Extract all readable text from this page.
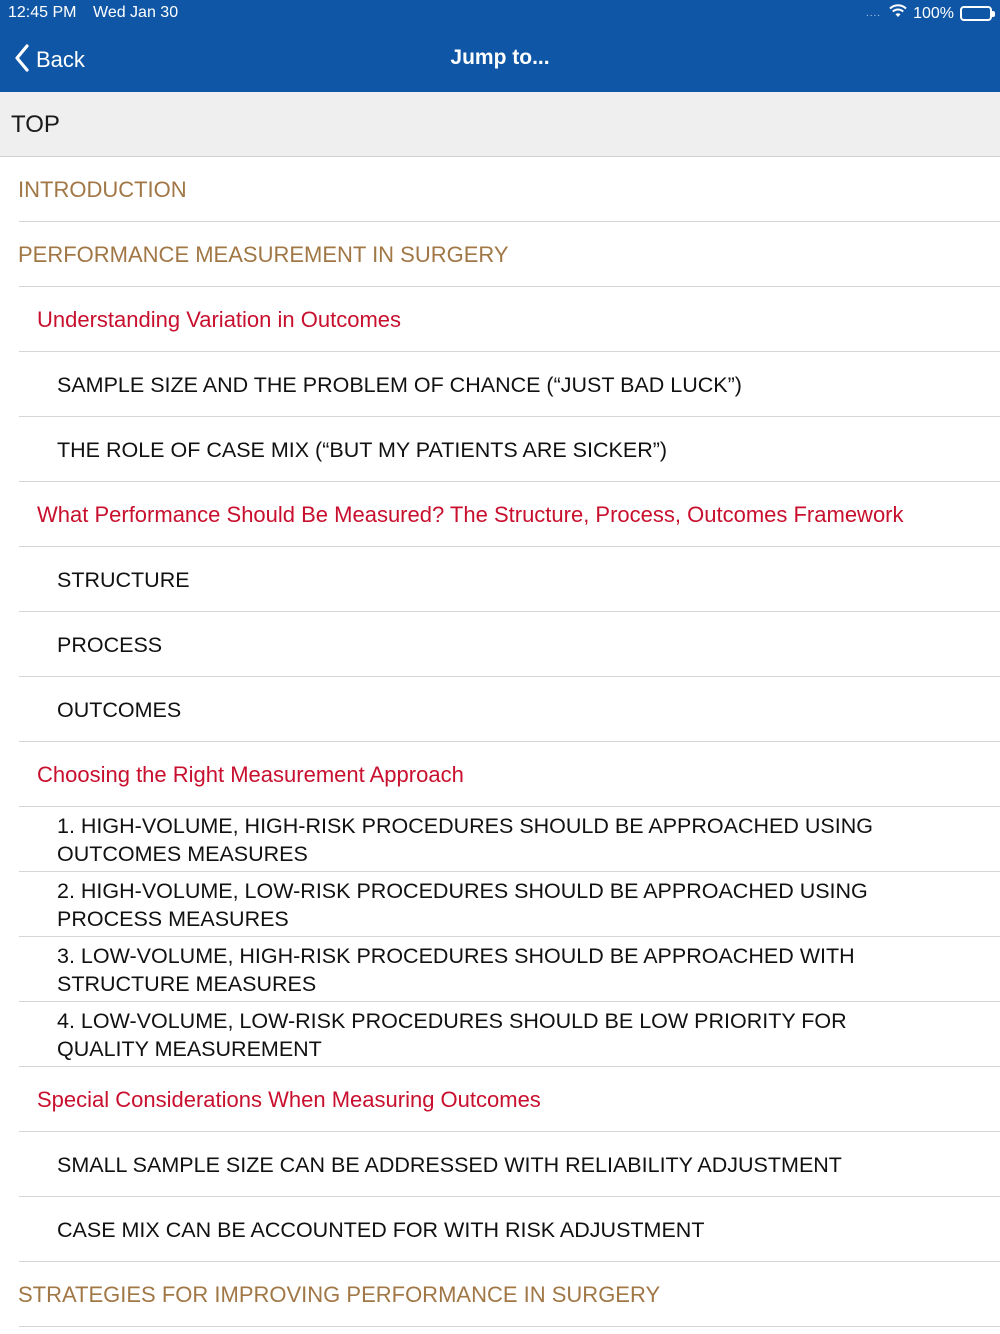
12:45 PM Wed Jan 30	.... 100%
Back	Jump to...
TOP
INTRODUCTION
PERFORMANCE MEASUREMENT IN SURGERY
Understanding Variation in Outcomes
SAMPLE SIZE AND THE PROBLEM OF CHANCE (“JUST BAD LUCK”)
THE ROLE OF CASE MIX (“BUT MY PATIENTS ARE SICKER”)
What Performance Should Be Measured? The Structure, Process, Outcomes Framework
STRUCTURE
PROCESS
OUTCOMES
Choosing the Right Measurement Approach
1. HIGH-VOLUME, HIGH-RISK PROCEDURES SHOULD BE APPROACHED USING OUTCOMES MEASURES
2. HIGH-VOLUME, LOW-RISK PROCEDURES SHOULD BE APPROACHED USING PROCESS MEASURES
3. LOW-VOLUME, HIGH-RISK PROCEDURES SHOULD BE APPROACHED WITH STRUCTURE MEASURES
4. LOW-VOLUME, LOW-RISK PROCEDURES SHOULD BE LOW PRIORITY FOR QUALITY MEASUREMENT
Special Considerations When Measuring Outcomes
SMALL SAMPLE SIZE CAN BE ADDRESSED WITH RELIABILITY ADJUSTMENT
CASE MIX CAN BE ACCOUNTED FOR WITH RISK ADJUSTMENT
STRATEGIES FOR IMPROVING PERFORMANCE IN SURGERY
